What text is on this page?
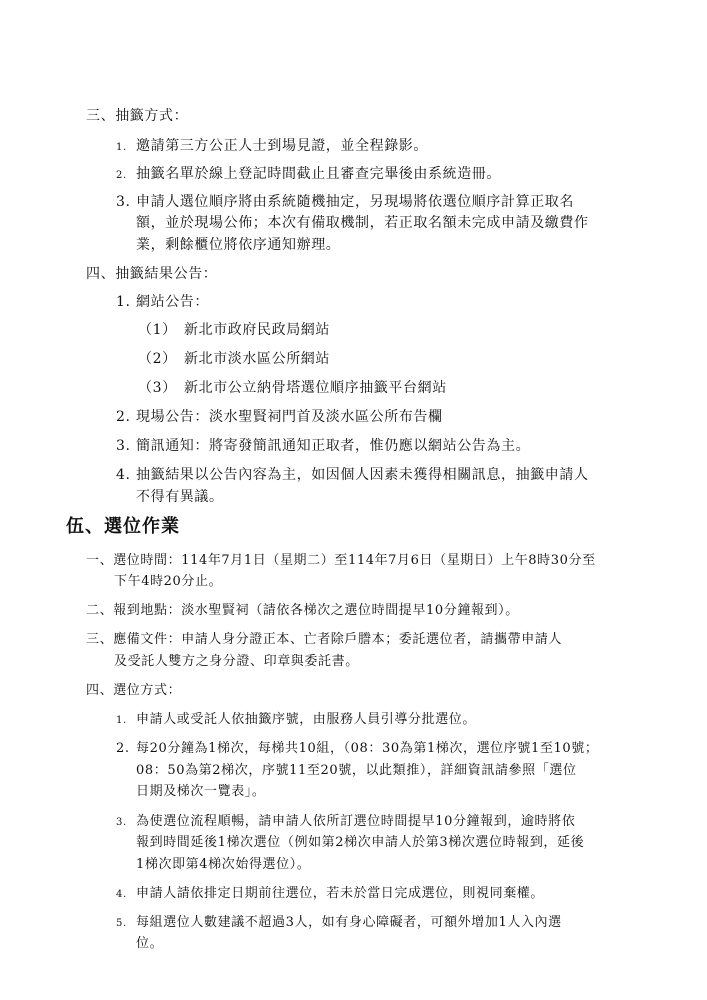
三、抽籤方式：
1. 邀請第三方公正人士到場見證，並全程錄影。
2. 抽籤名單於線上登記時間截止且審查完畢後由系統造冊。
3. 申請人選位順序將由系統隨機抽定，另現場將依選位順序計算正取名
額，並於現場公佈；本次有備取機制，若正取名額未完成申請及繳費作
業，剩餘櫃位將依序通知辦理。
四、抽籤結果公告：
1. 網站公告：
（1） 新北市政府民政局網站
（2） 新北市淡水區公所網站
（3） 新北市公立納骨塔選位順序抽籤平台網站
2. 現場公告：淡水聖賢祠門首及淡水區公所布告欄
3. 簡訊通知：將寄發簡訊通知正取者，惟仍應以網站公告為主。
4. 抽籤結果以公告內容為主，如因個人因素未獲得相關訊息，抽籤申請人
不得有異議。
伍、選位作業
一、選位時間：114年7月1日（星期二）至114年7月6日（星期日）上午8時30分至
下午4時20分止。
二、報到地點：淡水聖賢祠（請依各梯次之選位時間提早10分鐘報到）。
三、應備文件：申請人身分證正本、亡者除戶謄本；委託選位者，請攜帶申請人
及受託人雙方之身分證、印章與委託書。
四、選位方式：
1. 申請人或受託人依抽籤序號，由服務人員引導分批選位。
2. 每20分鐘為1梯次，每梯共10組，（08：30為第1梯次，選位序號1至10號；
08：50為第2梯次，序號11至20號，以此類推），詳細資訊請參照「選位
日期及梯次一覽表」。
3. 為使選位流程順暢，請申請人依所訂選位時間提早10分鐘報到，逾時將依
報到時間延後1梯次選位（例如第2梯次申請人於第3梯次選位時報到，延後
1梯次即第4梯次始得選位）。
4. 申請人請依排定日期前往選位，若未於當日完成選位，則視同棄權。
5. 每組選位人數建議不超過3人，如有身心障礙者，可額外增加1人入內選
位。
